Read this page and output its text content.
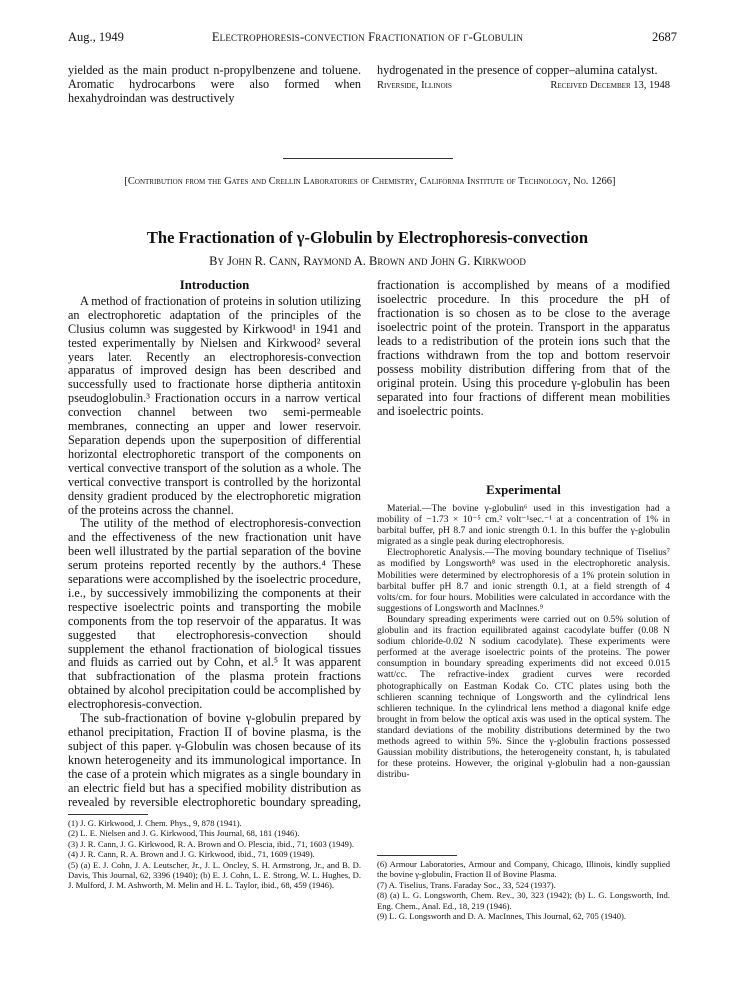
Aug., 1949	Electrophoresis-convection Fractionation of γ-Globulin	2687

yielded as the main product n-propylbenzene and toluene. Aromatic hydrocarbons were also formed when hexahydroindan was destructively

hydrogenated in the presence of copper–alumina catalyst.

Riverside, Illinois	Received December 13, 1948
[Contribution from the Gates and Crellin Laboratories of Chemistry, California Institute of Technology, No. 1266]
The Fractionation of γ-Globulin by Electrophoresis-convection
By John R. Cann, Raymond A. Brown and John G. Kirkwood
Introduction

A method of fractionation of proteins in solution utilizing an electrophoretic adaptation of the principles of the Clusius column was suggested by Kirkwood¹ in 1941 and tested experimentally by Nielsen and Kirkwood² several years later. Recently an electrophoresis-convection apparatus of improved design has been described and successfully used to fractionate horse diptheria antitoxin pseudoglobulin.³ Fractionation occurs in a narrow vertical convection channel between two semi-permeable membranes, connecting an upper and lower reservoir. Separation depends upon the superposition of differential horizontal electrophoretic transport of the components on vertical convective transport of the solution as a whole. The vertical convective transport is controlled by the horizontal density gradient produced by the electrophoretic migration of the proteins across the channel.

The utility of the method of electrophoresis-convection and the effectiveness of the new fractionation unit have been well illustrated by the partial separation of the bovine serum proteins reported recently by the authors.⁴ These separations were accomplished by the isoelectric procedure, i.e., by successively immobilizing the components at their respective isoelectric points and transporting the mobile components from the top reservoir of the apparatus. It was suggested that electrophoresis-convection should supplement the ethanol fractionation of biological tissues and fluids as carried out by Cohn, et al.⁵ It was apparent that subfractionation of the plasma protein fractions obtained by alcohol precipitation could be accomplished by electrophoresis-convection.

The sub-fractionation of bovine γ-globulin prepared by ethanol precipitation, Fraction II of bovine plasma, is the subject of this paper. γ-Globulin was chosen because of its known heterogeneity and its immunological importance. In the case of a protein which migrates as a single boundary in an electric field but has a specified mobility distribution as revealed by reversible electrophoretic boundary spreading,

(1) J. G. Kirkwood, J. Chem. Phys., 9, 878 (1941).

(2) L. E. Nielsen and J. G. Kirkwood, This Journal, 68, 181 (1946).

(3) J. R. Cann, J. G. Kirkwood, R. A. Brown and O. Plescia, ibid., 71, 1603 (1949).

(4) J. R. Cann, R. A. Brown and J. G. Kirkwood, ibid., 71, 1609 (1949).

(5) (a) E. J. Cohn, J. A. Leutscher, Jr., J. L. Oncley, S. H. Armstrong, Jr., and B. D. Davis, This Journal, 62, 3396 (1940); (b) E. J. Cohn, L. E. Strong, W. L. Hughes, D. J. Mulford, J. M. Ashworth, M. Melin and H. L. Taylor, ibid., 68, 459 (1946).

fractionation is accomplished by means of a modified isoelectric procedure. In this procedure the pH of fractionation is so chosen as to be close to the average isoelectric point of the protein. Transport in the apparatus leads to a redistribution of the protein ions such that the fractions withdrawn from the top and bottom reservoir possess mobility distribution differing from that of the original protein. Using this procedure γ-globulin has been separated into four fractions of different mean mobilities and isoelectric points.

Experimental

Material.—The bovine γ-globulin⁶ used in this investigation had a mobility of −1.73 × 10⁻⁵ cm.² volt⁻¹sec.⁻¹ at a concentration of 1% in barbital buffer, pH 8.7 and ionic strength 0.1. In this buffer the γ-globulin migrated as a single peak during electrophoresis.

Electrophoretic Analysis.—The moving boundary technique of Tiselius⁷ as modified by Longsworth⁸ was used in the electrophoretic analysis. Mobilities were determined by electrophoresis of a 1% protein solution in barbital buffer pH 8.7 and ionic strength 0.1, at a field strength of 4 volts/cm. for four hours. Mobilities were calculated in accordance with the suggestions of Longsworth and MacInnes.⁹

Boundary spreading experiments were carried out on 0.5% solution of globulin and its fraction equilibrated against cacodylate buffer (0.08 N sodium chloride-0.02 N sodium cacodylate). These experiments were performed at the average isoelectric points of the proteins. The power consumption in boundary spreading experiments did not exceed 0.015 watt/cc. The refractive-index gradient curves were recorded photographically on Eastman Kodak Co. CTC plates using both the schlieren scanning technique of Longsworth and the cylindrical lens schlieren technique. In the cylindrical lens method a diagonal knife edge brought in from below the optical axis was used in the optical system. The standard deviations of the mobility distributions determined by the two methods agreed to within 5%. Since the γ-globulin fractions possessed Gaussian mobility distributions, the heterogeneity constant, h, is tabulated for these proteins. However, the original γ-globulin had a non-gaussian distribu-

(6) Armour Laboratories, Armour and Company, Chicago, Illinois, kindly supplied the bovine γ-globulin, Fraction II of Bovine Plasma.

(7) A. Tiselius, Trans. Faraday Soc., 33, 524 (1937).

(8) (a) L. G. Longsworth, Chem. Rev., 30, 323 (1942); (b) L. G. Longsworth, Ind. Eng. Chem., Anal. Ed., 18, 219 (1946).

(9) L. G. Longsworth and D. A. MacInnes, This Journal, 62, 705 (1940).
